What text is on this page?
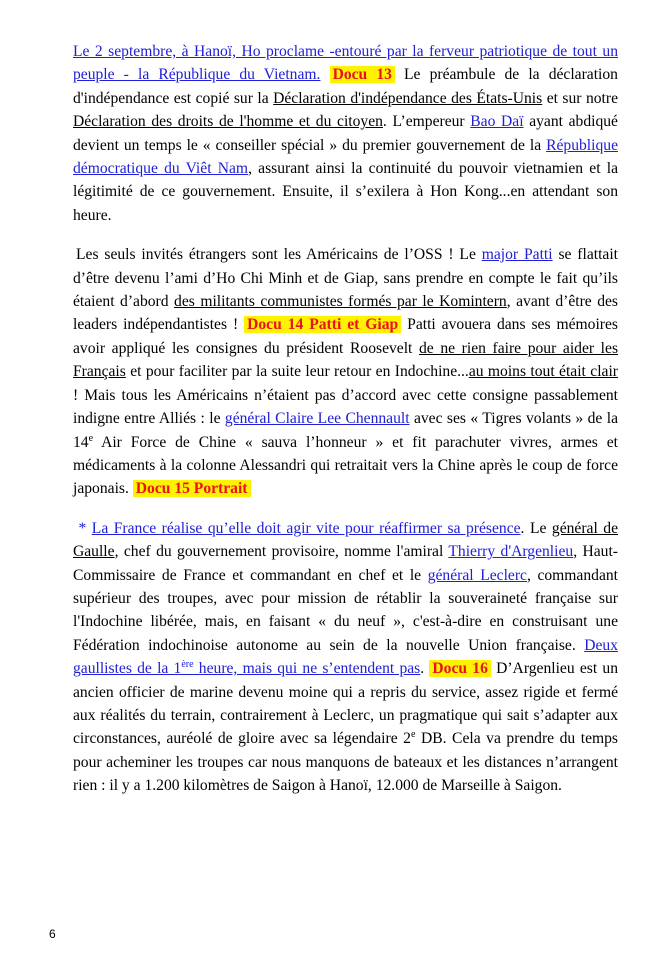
Le 2 septembre, à Hanoï, Ho proclame -entouré par la ferveur patriotique de tout un peuple - la République du Vietnam. Docu 13 Le préambule de la déclaration d'indépendance est copié sur la Déclaration d'indépendance des États-Unis et sur notre Déclaration des droits de l'homme et du citoyen. L’empereur Bao Daï ayant abdiqué devient un temps le « conseiller spécial » du premier gouvernement de la République démocratique du Viêt Nam, assurant ainsi la continuité du pouvoir vietnamien et la légitimité de ce gouvernement. Ensuite, il s’exilera à Hon Kong...en attendant son heure.

Les seuls invités étrangers sont les Américains de l’OSS ! Le major Patti se flattait d’être devenu l’ami d’Ho Chi Minh et de Giap, sans prendre en compte le fait qu’ils étaient d’abord des militants communistes formés par le Komintern, avant d’être des leaders indépendantistes ! Docu 14 Patti et Giap Patti avouera dans ses mémoires avoir appliqué les consignes du président Roosevelt de ne rien faire pour aider les Français et pour faciliter par la suite leur retour en Indochine...au moins tout était clair ! Mais tous les Américains n’étaient pas d’accord avec cette consigne passablement indigne entre Alliés : le général Claire Lee Chennault avec ses « Tigres volants » de la 14e Air Force de Chine « sauva l’honneur » et fit parachuter vivres, armes et médicaments à la colonne Alessandri qui retraitait vers la Chine après le coup de force japonais. Docu 15 Portrait

* La France réalise qu’elle doit agir vite pour réaffirmer sa présence. Le général de Gaulle, chef du gouvernement provisoire, nomme l'amiral Thierry d'Argenlieu, Haut-Commissaire de France et commandant en chef et le général Leclerc, commandant supérieur des troupes, avec pour mission de rétablir la souveraineté française sur l'Indochine libérée, mais, en faisant « du neuf », c'est-à-dire en construisant une Fédération indochinoise autonome au sein de la nouvelle Union française. Deux gaullistes de la 1ère heure, mais qui ne s’entendent pas. Docu 16 D’Argenlieu est un ancien officier de marine devenu moine qui a repris du service, assez rigide et fermé aux réalités du terrain, contrairement à Leclerc, un pragmatique qui sait s’adapter aux circonstances, auréolé de gloire avec sa légendaire 2e DB. Cela va prendre du temps pour acheminer les troupes car nous manquons de bateaux et les distances n’arrangent rien : il y a 1.200 kilomètres de Saigon à Hanoï, 12.000 de Marseille à Saigon.

6
